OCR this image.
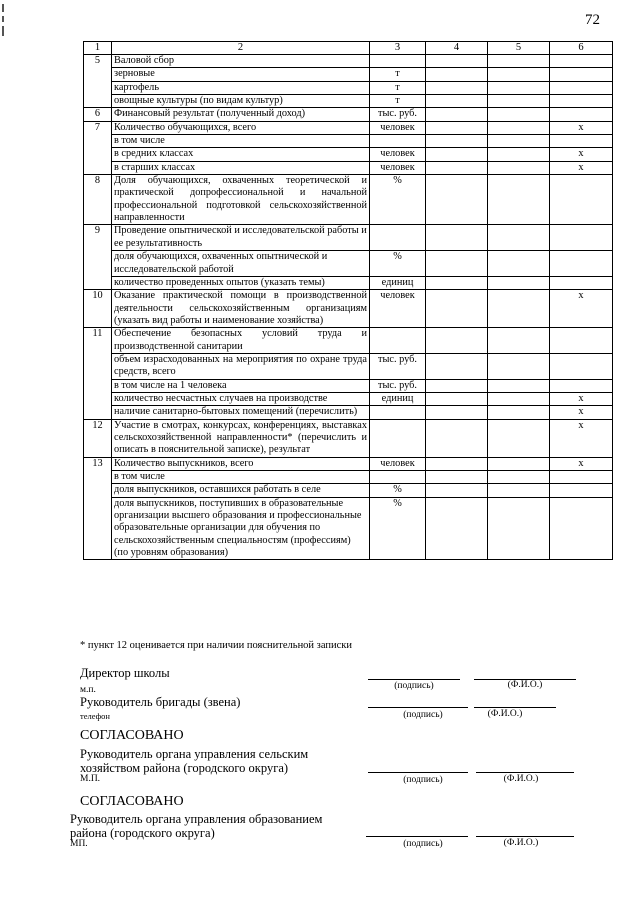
72
1	2	3	4	5	6
5	Валовой сбор				
	зерновые	т			
	картофель	т			
	овощные культуры (по видам культур)	т			
6	Финансовый результат (полученный доход)	тыс. руб.			
7	Количество обучающихся, всего	человек			х
	в том числе				
	в средних классах	человек			х
	в старших классах	человек			х
8	Доля обучающихся, охваченных теоретической и практической допрофессиональной и начальной профессиональной подготовкой сельскохозяйственной направленности	%			
9	Проведение опытнической и исследовательской работы и ее результативность				
	доля обучающихся, охваченных опытнической и исследовательской работой	%			
	количество проведенных опытов (указать темы)	единиц			
10	Оказание практической помощи в производственной деятельности сельскохозяйственным организациям (указать вид работы и наименование хозяйства)	человек			х
11	Обеспечение безопасных условий труда и производственной санитарии				
	объем израсходованных на мероприятия по охране труда средств, всего	тыс. руб.			
	в том числе на 1 человека	тыс. руб.			
	количество несчастных случаев на производстве	единиц			х
	наличие санитарно-бытовых помещений (перечислить)				х
12	Участие в смотрах, конкурсах, конференциях, выставках сельскохозяйственной направленности* (перечислить и описать в пояснительной записке), результат				х
13	Количество выпускников, всего	человек			х
	в том числе				
	доля выпускников, оставшихся работать в селе	%			
	доля выпускников, поступивших в образовательные организации высшего образования и профессиональные образовательные организации для обучения по сельскохозяйственным специальностям (профессиям) (по уровням образования)	%			
* пункт 12 оценивается при наличии пояснительной записки
Директор школы
м.п.	(подпись)	(Ф.И.О.)
Руководитель бригады (звена)
телефон	(подпись)	(Ф.И.О.)
СОГЛАСОВАНО
Руководитель органа управления сельским
хозяйством района (городского округа)
М.П.	(подпись)	(Ф.И.О.)
СОГЛАСОВАНО
Руководитель органа управления образованием
района (городского округа)
МП.	(подпись)	(Ф.И.О.)
